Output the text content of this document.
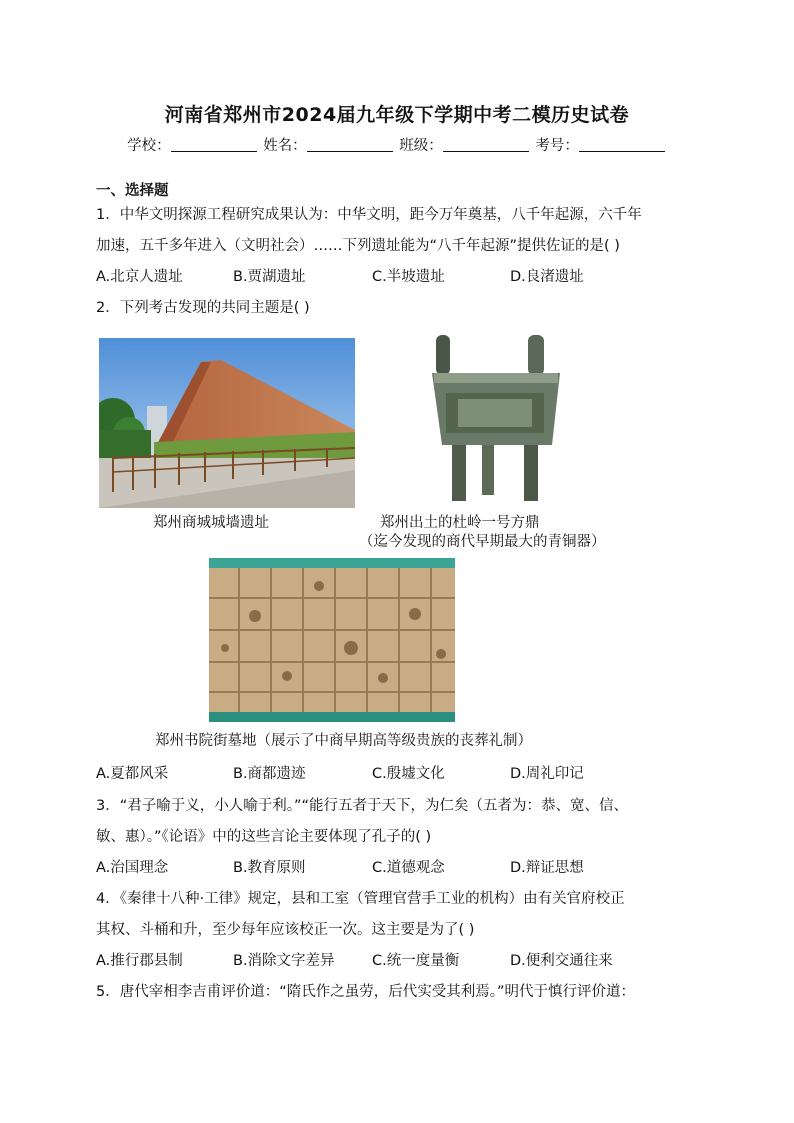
河南省郑州市2024届九年级下学期中考二模历史试卷
学校：	姓名：	班级：	考号：
一、选择题
1．中华文明探源工程研究成果认为：中华文明，距今万年奠基，八千年起源，六千年
加速，五千多年进入（文明社会）……下列遗址能为“八千年起源”提供佐证的是( )
A.北京人遗址	B.贾湖遗址	C.半坡遗址	D.良渚遗址
2．下列考古发现的共同主题是( )
郑州商城城墙遗址	郑州出土的杜岭一号方鼎
（迄今发现的商代早期最大的青铜器）
郑州书院街墓地（展示了中商早期高等级贵族的丧葬礼制）
A.夏都风采	B.商都遗迹	C.殷墟文化	D.周礼印记
3．“君子喻于义，小人喻于利。”“能行五者于天下，为仁矣（五者为：恭、宽、信、
敏、惠）。”《论语》中的这些言论主要体现了孔子的( )
A.治国理念	B.教育原则	C.道德观念	D.辩证思想
4．《秦律十八种·工律》规定，县和工室（管理官营手工业的机构）由有关官府校正
其权、斗桶和升，至少每年应该校正一次。这主要是为了( )
A.推行郡县制	B.消除文字差异	C.统一度量衡	D.便利交通往来
5．唐代宰相李吉甫评价道：“隋氏作之虽劳，后代实受其利焉。”明代于慎行评价道：
